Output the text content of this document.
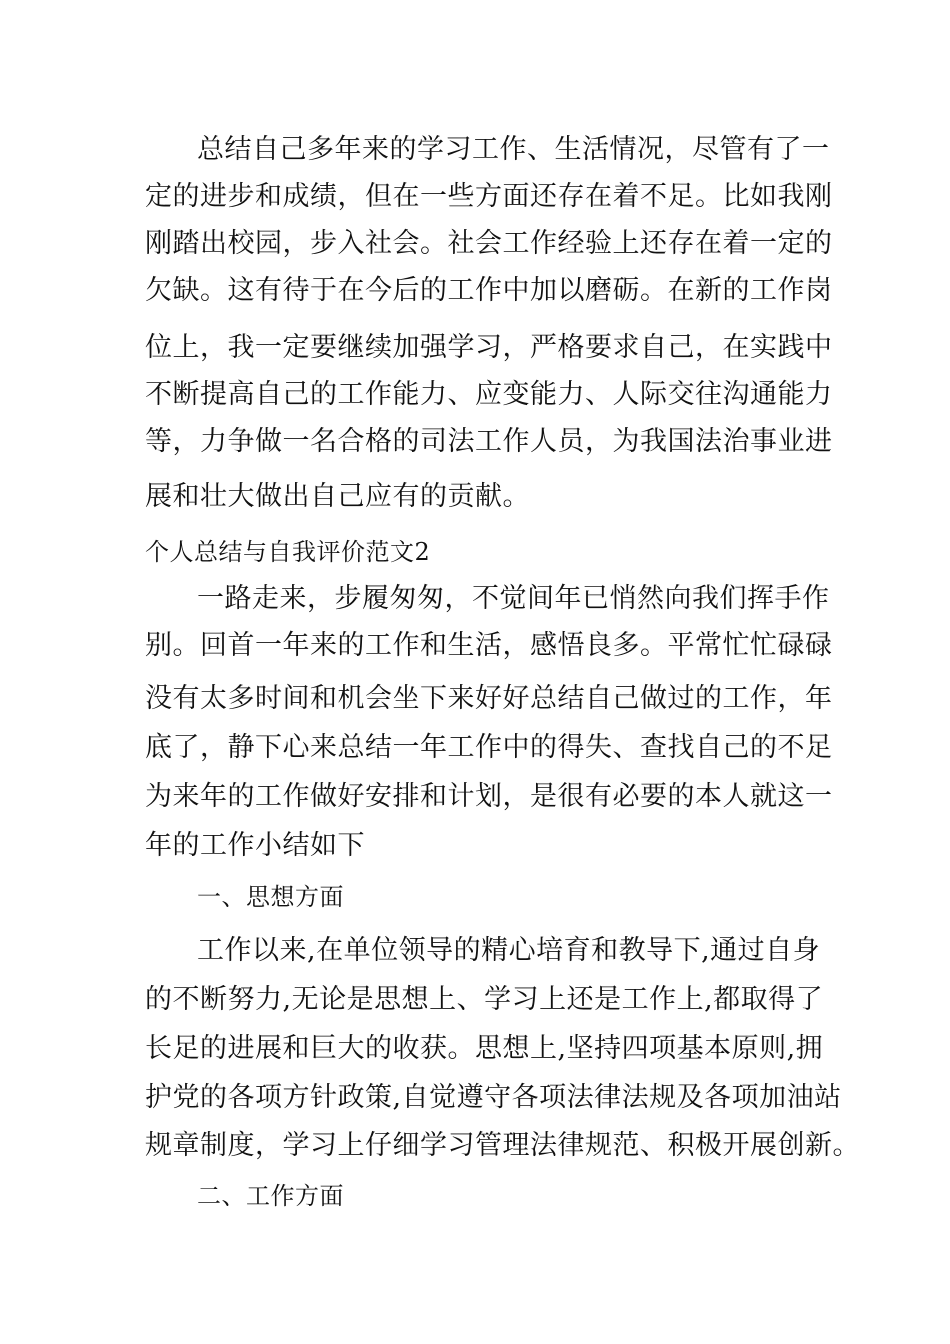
总结自己多年来的学习工作、生活情况，尽管有了一
定的进步和成绩，但在一些方面还存在着不足。比如我刚
刚踏出校园，步入社会。社会工作经验上还存在着一定的
欠缺。这有待于在今后的工作中加以磨砺。在新的工作岗
位上，我一定要继续加强学习，严格要求自己，在实践中
不断提高自己的工作能力、应变能力、人际交往沟通能力
等，力争做一名合格的司法工作人员，为我国法治事业进
展和壮大做出自己应有的贡献。
个人总结与自我评价范文2
一路走来，步履匆匆，不觉间年已悄然向我们挥手作
别。回首一年来的工作和生活，感悟良多。平常忙忙碌碌
没有太多时间和机会坐下来好好总结自己做过的工作，年
底了，静下心来总结一年工作中的得失、查找自己的不足
为来年的工作做好安排和计划，是很有必要的本人就这一
年的工作小结如下
一、思想方面
工作以来,在单位领导的精心培育和教导下,通过自身
的不断努力,无论是思想上、学习上还是工作上,都取得了
长足的进展和巨大的收获。思想上,坚持四项基本原则,拥
护党的各项方针政策,自觉遵守各项法律法规及各项加油站
规章制度，学习上仔细学习管理法律规范、积极开展创新。
二、工作方面
